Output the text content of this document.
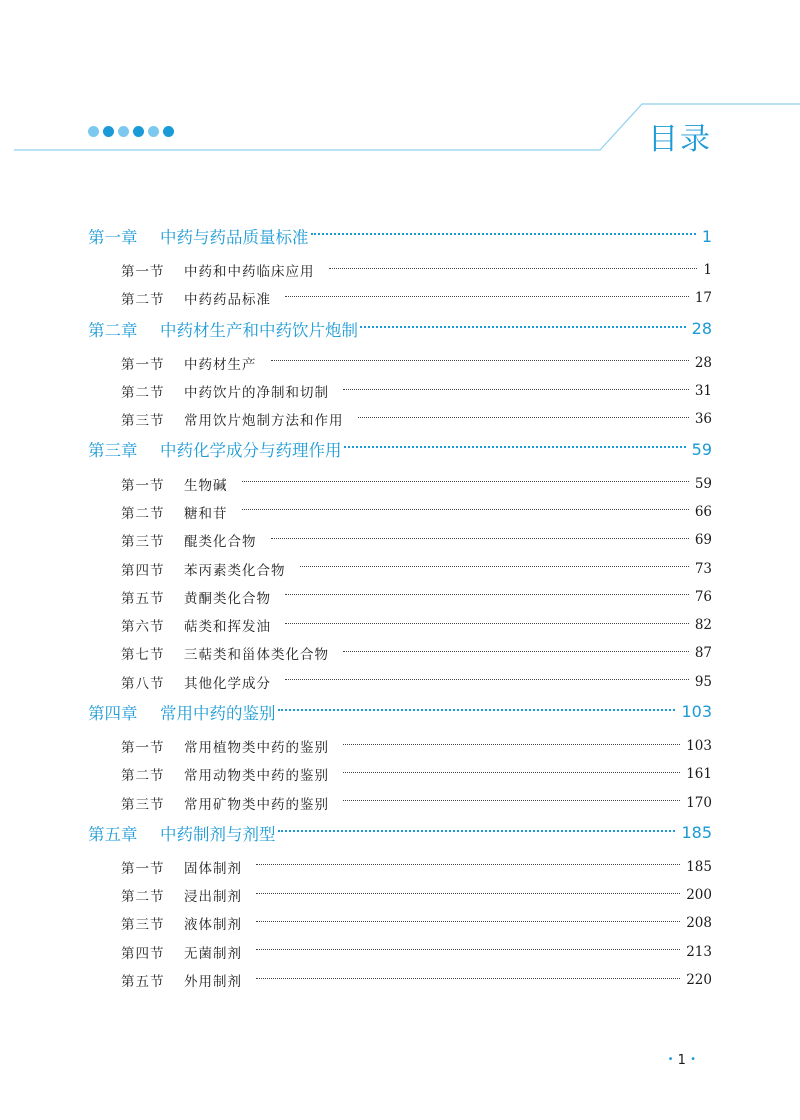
目录
第一章	中药与药品质量标准	1
第一节	中药和中药临床应用	1
第二节	中药药品标准	17
第二章	中药材生产和中药饮片炮制	28
第一节	中药材生产	28
第二节	中药饮片的净制和切制	31
第三节	常用饮片炮制方法和作用	36
第三章	中药化学成分与药理作用	59
第一节	生物碱	59
第二节	糖和苷	66
第三节	醌类化合物	69
第四节	苯丙素类化合物	73
第五节	黄酮类化合物	76
第六节	萜类和挥发油	82
第七节	三萜类和甾体类化合物	87
第八节	其他化学成分	95
第四章	常用中药的鉴别	103
第一节	常用植物类中药的鉴别	103
第二节	常用动物类中药的鉴别	161
第三节	常用矿物类中药的鉴别	170
第五章	中药制剂与剂型	185
第一节	固体制剂	185
第二节	浸出制剂	200
第三节	液体制剂	208
第四节	无菌制剂	213
第五节	外用制剂	220
• 1 •
